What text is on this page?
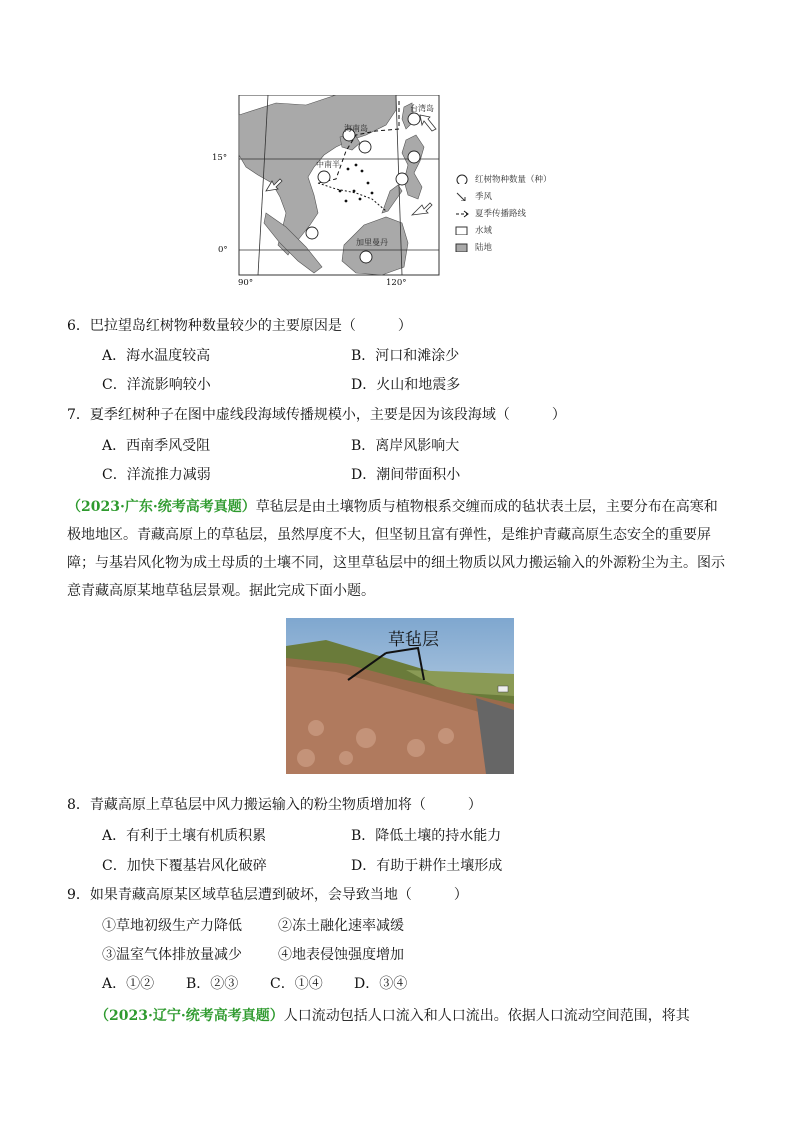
台湾岛
海南岛
中南半
加里曼丹
15°
0°
90°	120°
红树物种数量（种）
季风
夏季传播路线
水域
陆地
6．巴拉望岛红树物种数量较少的主要原因是（　　　）
A．海水温度较高	B．河口和滩涂少
C．洋流影响较小	D．火山和地震多
7．夏季红树种子在图中虚线段海域传播规模小，主要是因为该段海域（　　　）
A．西南季风受阻	B．离岸风影响大
C．洋流推力减弱	D．潮间带面积小
（2023·广东·统考高考真题）草毡层是由土壤物质与植物根系交缠而成的毡状表土层，主要分布在高寒和极地地区。青藏高原上的草毡层，虽然厚度不大，但坚韧且富有弹性，是维护青藏高原生态安全的重要屏障；与基岩风化物为成土母质的土壤不同，这里草毡层中的细土物质以风力搬运输入的外源粉尘为主。图示意青藏高原某地草毡层景观。据此完成下面小题。
草毡层
8．青藏高原上草毡层中风力搬运输入的粉尘物质增加将（　　　）
A．有利于土壤有机质积累	B．降低土壤的持水能力
C．加快下覆基岩风化破碎	D．有助于耕作土壤形成
9．如果青藏高原某区域草毡层遭到破坏，会导致当地（　　　）
①草地初级生产力降低	②冻土融化速率减缓
③温室气体排放量减少	④地表侵蚀强度增加
A．①② B．②③ C．①④ D．③④
（2023·辽宁·统考高考真题）人口流动包括人口流入和人口流出。依据人口流动空间范围，将其
